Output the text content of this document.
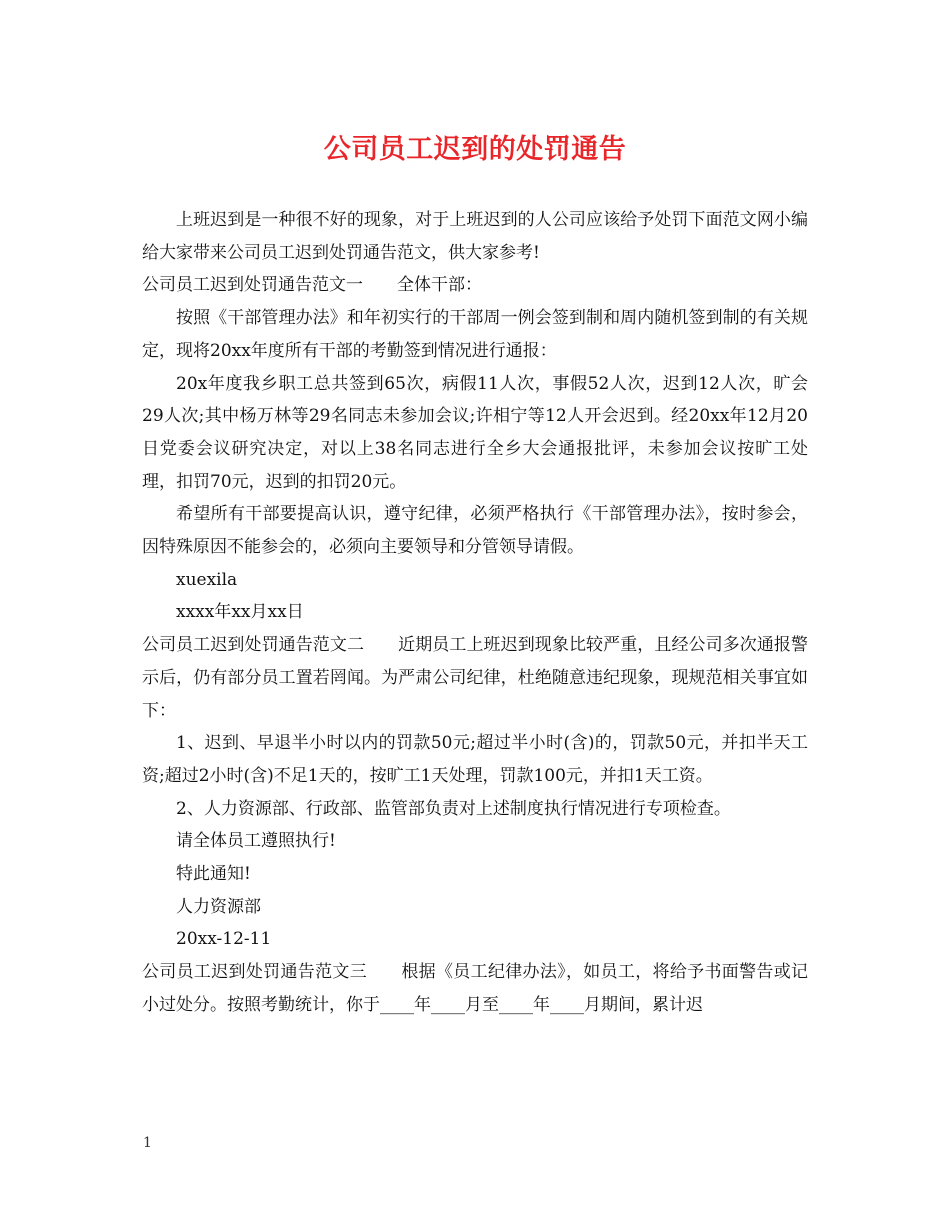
公司员工迟到的处罚通告

上班迟到是一种很不好的现象，对于上班迟到的人公司应该给予处罚下面范文网小编给大家带来公司员工迟到处罚通告范文，供大家参考!

公司员工迟到处罚通告范文一 全体干部：

按照《干部管理办法》和年初实行的干部周一例会签到制和周内随机签到制的有关规定，现将20xx年度所有干部的考勤签到情况进行通报：

20x年度我乡职工总共签到65次，病假11人次，事假52人次，迟到12人次，旷会29人次;其中杨万林等29名同志未参加会议;许相宁等12人开会迟到。经20xx年12月20日党委会议研究决定，对以上38名同志进行全乡大会通报批评，未参加会议按旷工处理，扣罚70元，迟到的扣罚20元。

希望所有干部要提高认识，遵守纪律，必须严格执行《干部管理办法》，按时参会，因特殊原因不能参会的，必须向主要领导和分管领导请假。

xuexila

xxxx年xx月xx日

公司员工迟到处罚通告范文二 近期员工上班迟到现象比较严重，且经公司多次通报警示后，仍有部分员工置若罔闻。为严肃公司纪律，杜绝随意违纪现象，现规范相关事宜如下：

1、迟到、早退半小时以内的罚款50元;超过半小时(含)的，罚款50元，并扣半天工资;超过2小时(含)不足1天的，按旷工1天处理，罚款100元，并扣1天工资。

2、人力资源部、行政部、监管部负责对上述制度执行情况进行专项检查。

请全体员工遵照执行!

特此通知!

人力资源部

20xx-12-11

公司员工迟到处罚通告范文三 根据《员工纪律办法》，如员工，将给予书面警告或记小过处分。按照考勤统计，你于____年____月至____年____月期间，累计迟

1
